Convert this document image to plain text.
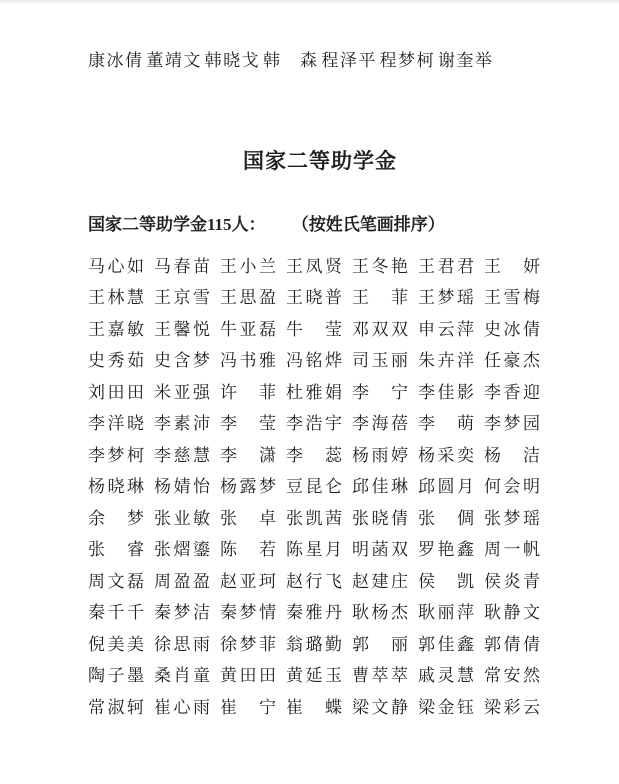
康 冰 倩 董 靖 文 韩 晓 戈 韩 森 程 泽 平 程 梦 柯 谢 奎 举
国家二等助学金

国家二等助学金115人： （按姓氏笔画排序）

马 心 如 马 春 苗 王 小 兰 王 凤 贤 王 冬 艳 王 君 君 王 妍
王 林 慧 王 京 雪 王 思 盈 王 晓 普 王 菲 王 梦 瑶 王 雪 梅
王 嘉 敏 王 馨 悦 牛 亚 磊 牛 莹 邓 双 双 申 云 萍 史 冰 倩
史 秀 茹 史 含 梦 冯 书 雅 冯 铭 烨 司 玉 丽 朱 卉 洋 任 豪 杰
刘 田 田 米 亚 强 许 菲 杜 雅 娟 李 宁 李 佳 影 李 香 迎
李 洋 晓 李 素 沛 李 莹 李 浩 宇 李 海 蓓 李 萌 李 梦 园
李 梦 柯 李 慈 慧 李 潇 李 蕊 杨 雨 婷 杨 采 奕 杨 洁
杨 晓 琳 杨 婧 怡 杨 露 梦 豆 昆 仑 邱 佳 琳 邱 圆 月 何 会 明
余 梦 张 业 敏 张 卓 张 凯 茜 张 晓 倩 张 倜 张 梦 瑶
张 睿 张 熠 鎏 陈 若 陈 星 月 明 菡 双 罗 艳 鑫 周 一 帆
周 文 磊 周 盈 盈 赵 亚 珂 赵 行 飞 赵 建 庄 侯 凯 侯 炎 青
秦 千 千 秦 梦 洁 秦 梦 情 秦 雅 丹 耿 杨 杰 耿 丽 萍 耿 静 文
倪 美 美 徐 思 雨 徐 梦 菲 翁 璐 勤 郭 丽 郭 佳 鑫 郭 倩 倩
陶 子 墨 桑 肖 童 黄 田 田 黄 延 玉 曹 萃 萃 戚 灵 慧 常 安 然
常 淑 轲 崔 心 雨 崔 宁 崔 蝶 梁 文 静 梁 金 钰 梁 彩 云
